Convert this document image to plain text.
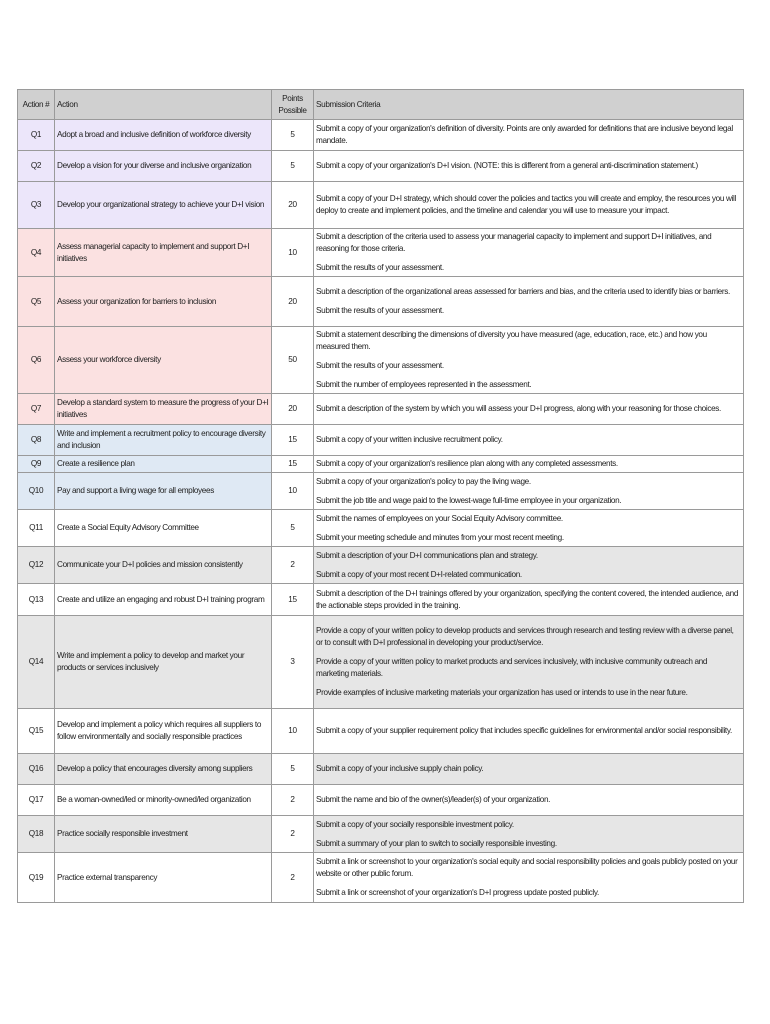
Action #	Action	Points Possible	Submission Criteria
Q1	Adopt a broad and inclusive definition of workforce diversity	5	Submit a copy of your organization's definition of diversity. Points are only awarded for definitions that are inclusive beyond legal mandate.

Q2	Develop a vision for your diverse and inclusive organization	5	Submit a copy of your organization's D+I vision. (NOTE: this is different from a general anti-discrimination statement.)

Q3	Develop your organizational strategy to achieve your D+I vision	20	Submit a copy of your D+I strategy, which should cover the policies and tactics you will create and employ, the resources you will deploy to create and implement policies, and the timeline and calendar you will use to measure your impact.

Q4	Assess managerial capacity to implement and support D+I initiatives	10	Submit a description of the criteria used to assess your managerial capacity to implement and support D+I initiatives, and reasoning for those criteria.

Submit the results of your assessment.

Q5	Assess your organization for barriers to inclusion	20	Submit a description of the organizational areas assessed for barriers and bias, and the criteria used to identify bias or barriers.

Submit the results of your assessment.

Q6	Assess your workforce diversity	50	Submit a statement describing the dimensions of diversity you have measured (age, education, race, etc.) and how you measured them.

Submit the results of your assessment.

Submit the number of employees represented in the assessment.

Q7	Develop a standard system to measure the progress of your D+I initiatives	20	Submit a description of the system by which you will assess your D+I progress, along with your reasoning for those choices.

Q8	Write and implement a recruitment policy to encourage diversity and inclusion	15	Submit a copy of your written inclusive recruitment policy.

Q9	Create a resilience plan	15	Submit a copy of your organization's resilience plan along with any completed assessments.

Q10	Pay and support a living wage for all employees	10	Submit a copy of your organization's policy to pay the living wage.

Submit the job title and wage paid to the lowest-wage full-time employee in your organization.

Q11	Create a Social Equity Advisory Committee	5	Submit the names of employees on your Social Equity Advisory committee.

Submit your meeting schedule and minutes from your most recent meeting.

Q12	Communicate your D+I policies and mission consistently	2	Submit a description of your D+I communications plan and strategy.

Submit a copy of your most recent D+I-related communication.

Q13	Create and utilize an engaging and robust D+I training program	15	Submit a description of the D+I trainings offered by your organization, specifying the content covered, the intended audience, and the actionable steps provided in the training.

Q14	Write and implement a policy to develop and market your products or services inclusively	3	Provide a copy of your written policy to develop products and services through research and testing review with a diverse panel, or to consult with D+I professional in developing your product/service.

Provide a copy of your written policy to market products and services inclusively, with inclusive community outreach and marketing materials.

Provide examples of inclusive marketing materials your organization has used or intends to use in the near future.

Q15	Develop and implement a policy which requires all suppliers to follow environmentally and socially responsible practices	10	Submit a copy of your supplier requirement policy that includes specific guidelines for environmental and/or social responsibility.

Q16	Develop a policy that encourages diversity among suppliers	5	Submit a copy of your inclusive supply chain policy.

Q17	Be a woman-owned/led or minority-owned/led organization	2	Submit the name and bio of the owner(s)/leader(s) of your organization.

Q18	Practice socially responsible investment	2	Submit a copy of your socially responsible investment policy.

Submit a summary of your plan to switch to socially responsible investing.

Q19	Practice external transparency	2	Submit a link or screenshot to your organization's social equity and social responsibility policies and goals publicly posted on your website or other public forum.

Submit a link or screenshot of your organization's D+I progress update posted publicly.
